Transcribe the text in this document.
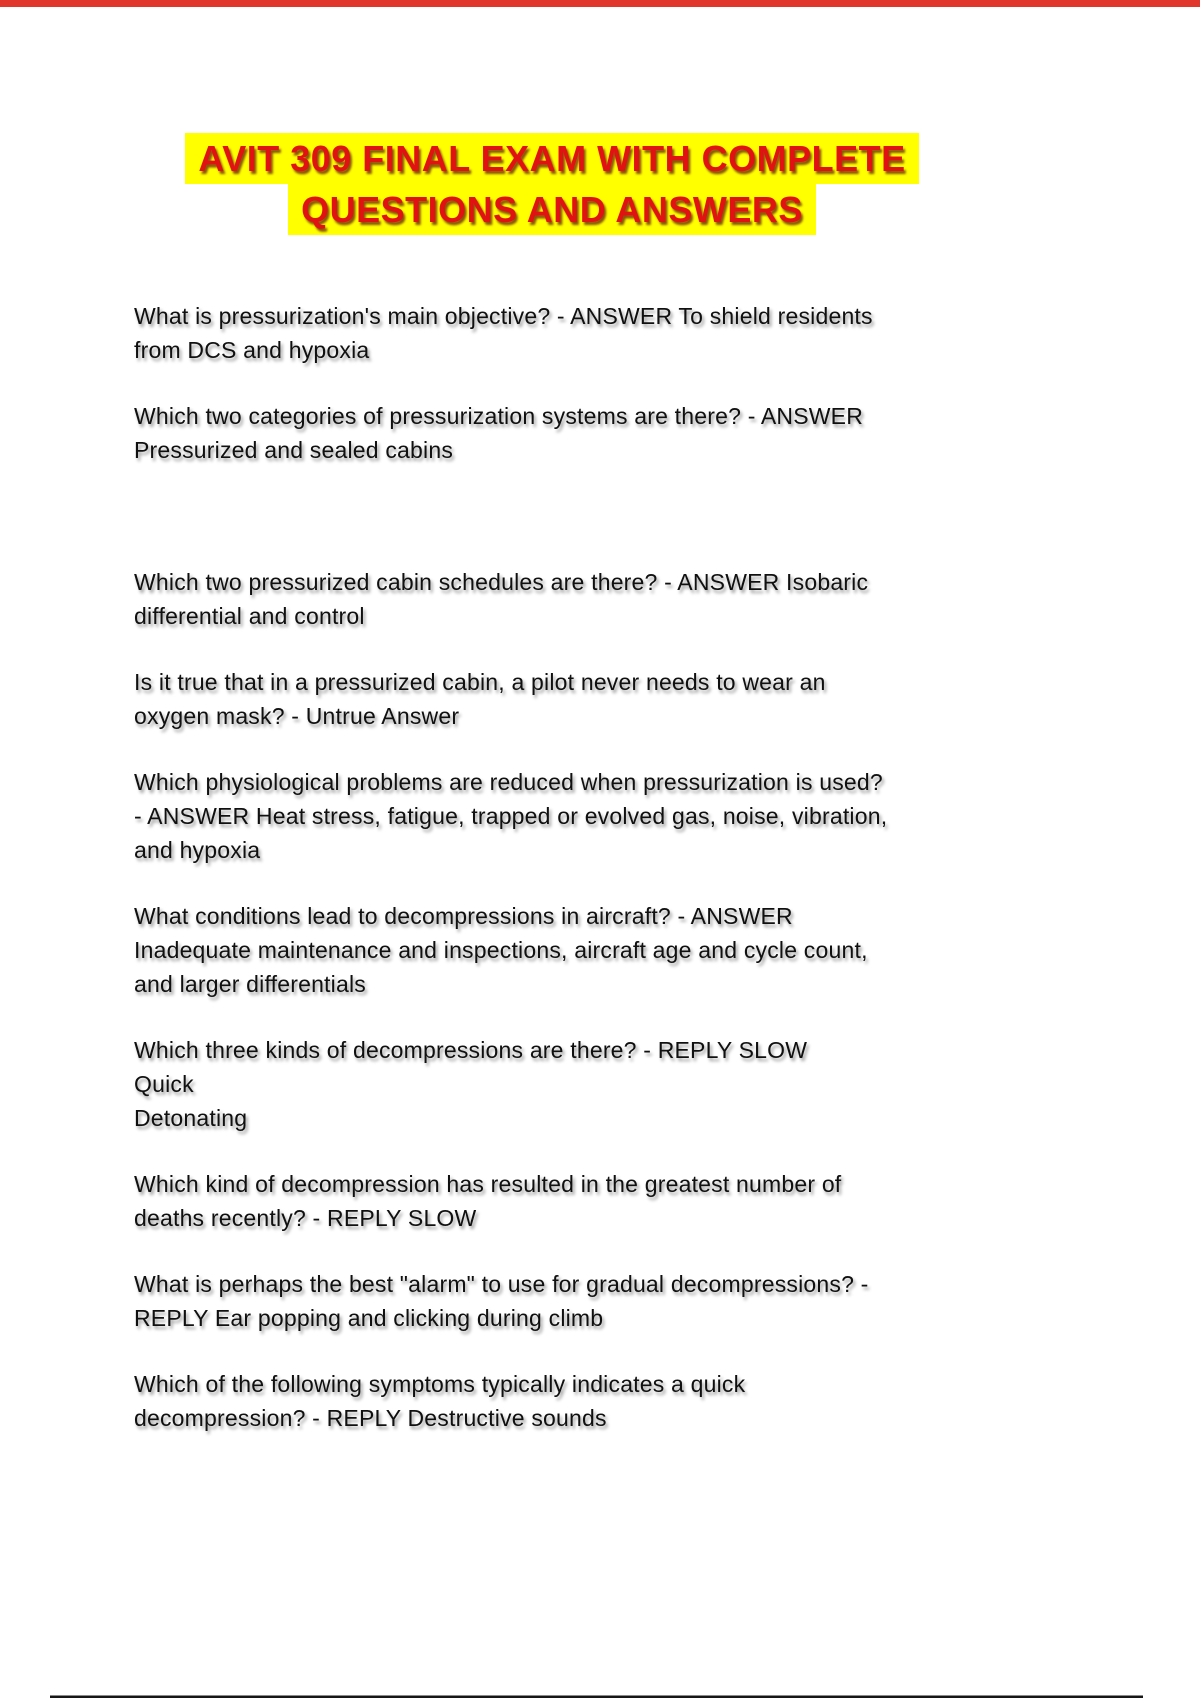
AVIT 309 FINAL EXAM WITH COMPLETE
QUESTIONS AND ANSWERS
What is pressurization's main objective? - ANSWER To shield residents
from DCS and hypoxia
Which two categories of pressurization systems are there? - ANSWER
Pressurized and sealed cabins
Which two pressurized cabin schedules are there? - ANSWER Isobaric
differential and control
Is it true that in a pressurized cabin, a pilot never needs to wear an
oxygen mask? - Untrue Answer
Which physiological problems are reduced when pressurization is used?
- ANSWER Heat stress, fatigue, trapped or evolved gas, noise, vibration,
and hypoxia
What conditions lead to decompressions in aircraft? - ANSWER
Inadequate maintenance and inspections, aircraft age and cycle count,
and larger differentials
Which three kinds of decompressions are there? - REPLY SLOW
Quick
Detonating
Which kind of decompression has resulted in the greatest number of
deaths recently? - REPLY SLOW
What is perhaps the best "alarm" to use for gradual decompressions? -
REPLY Ear popping and clicking during climb
Which of the following symptoms typically indicates a quick
decompression? - REPLY Destructive sounds
